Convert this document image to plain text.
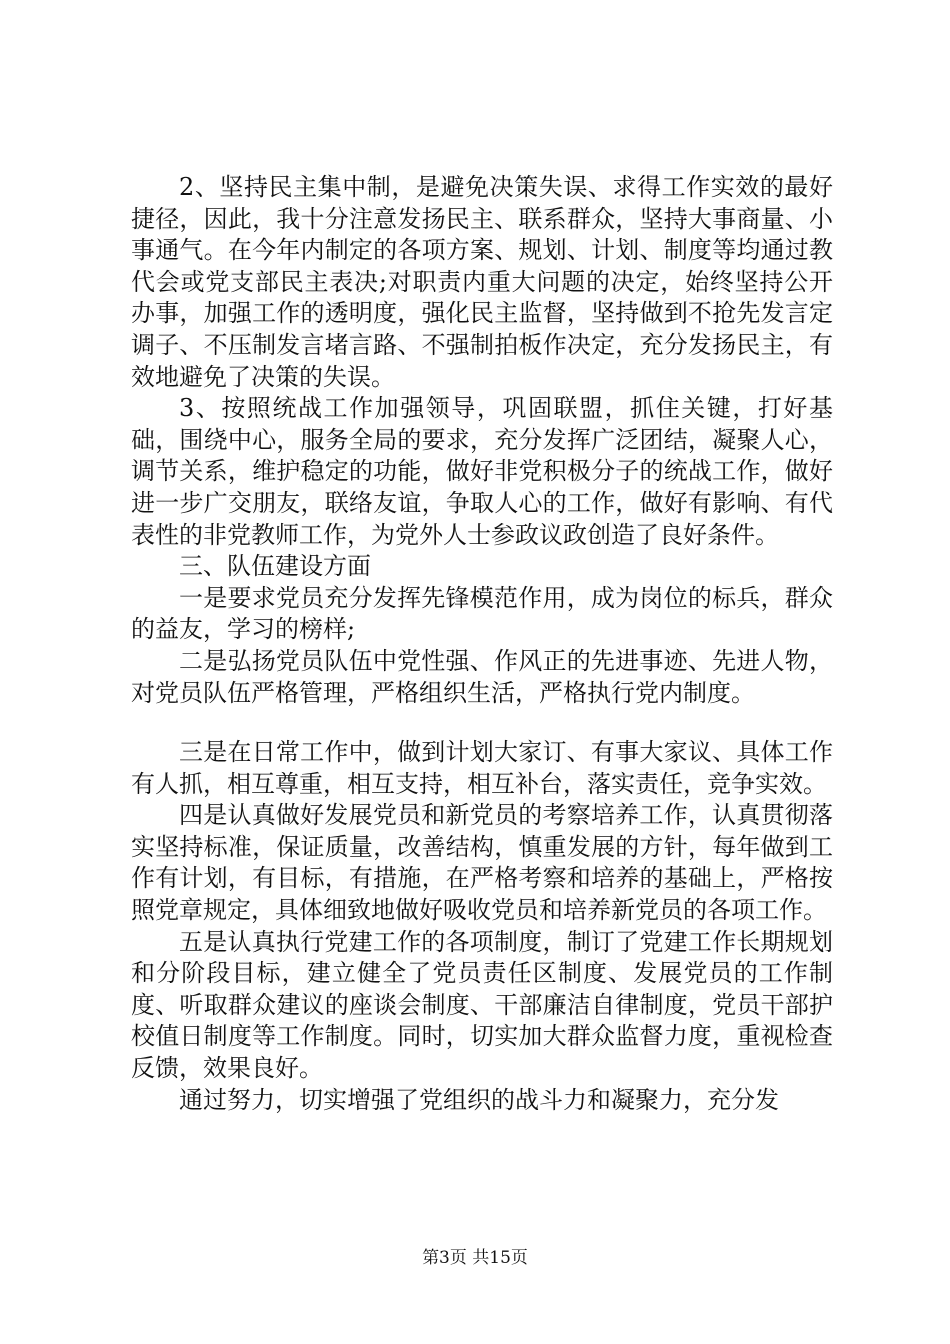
2、坚持民主集中制，是避免决策失误、求得工作实效的最好捷径，因此，我十分注意发扬民主、联系群众，坚持大事商量、小事通气。在今年内制定的各项方案、规划、计划、制度等均通过教代会或党支部民主表决;对职责内重大问题的决定，始终坚持公开办事，加强工作的透明度，强化民主监督，坚持做到不抢先发言定调子、不压制发言堵言路、不强制拍板作决定，充分发扬民主，有效地避免了决策的失误。

3、按照统战工作加强领导，巩固联盟，抓住关键，打好基础，围绕中心，服务全局的要求，充分发挥广泛团结，凝聚人心，调节关系，维护稳定的功能，做好非党积极分子的统战工作，做好进一步广交朋友，联络友谊，争取人心的工作，做好有影响、有代表性的非党教师工作，为党外人士参政议政创造了良好条件。

三、队伍建设方面

一是要求党员充分发挥先锋模范作用，成为岗位的标兵，群众的益友，学习的榜样;

二是弘扬党员队伍中党性强、作风正的先进事迹、先进人物，对党员队伍严格管理，严格组织生活，严格执行党内制度。

三是在日常工作中，做到计划大家订、有事大家议、具体工作有人抓，相互尊重，相互支持，相互补台，落实责任，竞争实效。

四是认真做好发展党员和新党员的考察培养工作，认真贯彻落实坚持标准，保证质量，改善结构，慎重发展的方针，每年做到工作有计划，有目标，有措施，在严格考察和培养的基础上，严格按照党章规定，具体细致地做好吸收党员和培养新党员的各项工作。

五是认真执行党建工作的各项制度，制订了党建工作长期规划和分阶段目标，建立健全了党员责任区制度、发展党员的工作制度、听取群众建议的座谈会制度、干部廉洁自律制度，党员干部护校值日制度等工作制度。同时，切实加大群众监督力度，重视检查反馈，效果良好。

通过努力，切实增强了党组织的战斗力和凝聚力，充分发

第3页 共15页
